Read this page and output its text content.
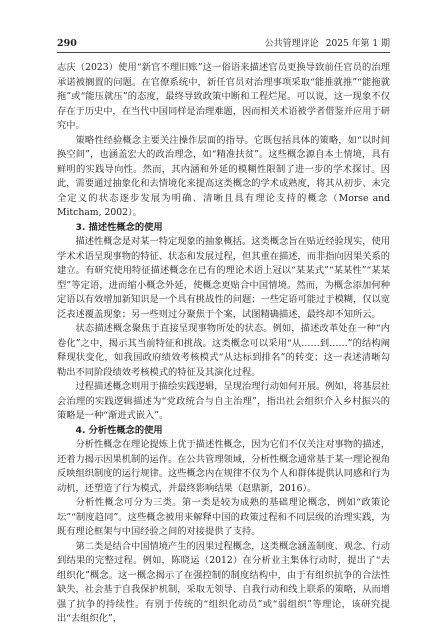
290	公共管理评论 2025 年第 1 期

志庆（2023）使用“新官不理旧账”这一俗语来描述官员更换导致前任官员的治理承诺被搁置的问题。在官僚系统中，新任官员对治理事项采取“能推就推”“能拖就拖”或“能压就压”的态度，最终导致政策中断和工程烂尾。可以说，这一现象不仅存在于历史中，在当代中国同样是治理难题，因而相关术语被学者借鉴并应用于研究中。

策略性经验概念主要关注操作层面的指导。它既包括具体的策略，如“以时间换空间”，也涵盖宏大的政治理念，如“精准扶贫”。这些概念源自本土情境，具有鲜明的实践导向性。然而，其内涵和外延的模糊性限制了进一步的学术探讨。因此，需要通过抽象化和去情境化来提高这类概念的学术成熟度，将其从初步、未完全定义的状态逐步发展为明确、清晰且具有理论支持的概念（Morse and Mitcham, 2002）。

3. 描述性概念的使用

描述性概念是对某一特定现象的抽象概括。这类概念旨在贴近经验现实，使用学术术语呈现事物的特征、状态和发展过程，但其重在描述，而非指向因果关系的建立。有研究使用特征描述概念在已有的理论术语上冠以“某某式”“某某性”“某某型”等定语，进而缩小概念外延，使概念更贴合中国情境。然而，为概念添加何种定语以有效增加新知识是一个具有挑战性的问题；一些定语可能过于模糊，仅以宽泛表述覆盖现象；另一些则过分聚焦于个案，试图精确描述，最终却不知所云。

状态描述概念聚焦于直接呈现事物所处的状态。例如，描述改革处在一种“内卷化”之中，揭示其当前特征和挑战。这类概念可以采用“从……到……”的结构阐释现状变化，如我国政府绩效考核模式“从达标到排名”的转变；这一表述清晰勾勒出不同阶段绩效考核模式的特征及其演化过程。

过程描述概念则用于描绘实践逻辑，呈现治理行动如何开展。例如，将基层社会治理的实践逻辑描述为“党政统合与自主治理”，指出社会组织介入乡村振兴的策略是一种“渐进式嵌入”。

4. 分析性概念的使用

分析性概念在理论提炼上优于描述性概念，因为它们不仅关注对事物的描述，还着力揭示因果机制的运作。在公共管理领域，分析性概念通常基于某一理论视角反映组织制度的运行规律。这些概念内在规律不仅为个人和群体提供认同感和行为动机，还塑造了行为模式，并最终影响结果（赵鼎新，2016）。

分析性概念可分为三类。第一类是较为成熟的基础理论概念，例如“政策论坛”“制度趋同”。这些概念被用来解释中国的政策过程和不同层级的治理实践，为既有理论框架与中国经验之间的对接提供了支持。

第二类是结合中国情境产生的因果过程概念，这类概念涵盖制度、观念、行动到结果的完整过程。例如，陈晓运（2012）在分析业主集体行动时，提出了“去组织化”概念。这一概念揭示了在强控制的制度结构中，由于有组织抗争的合法性缺失，社会基于自我保护机制，采取无领导、自我行动和线上联系的策略，从而增强了抗争的持续性。有别于传统的“组织化动员”或“弱组织”等理论，该研究提出“去组织化”，
